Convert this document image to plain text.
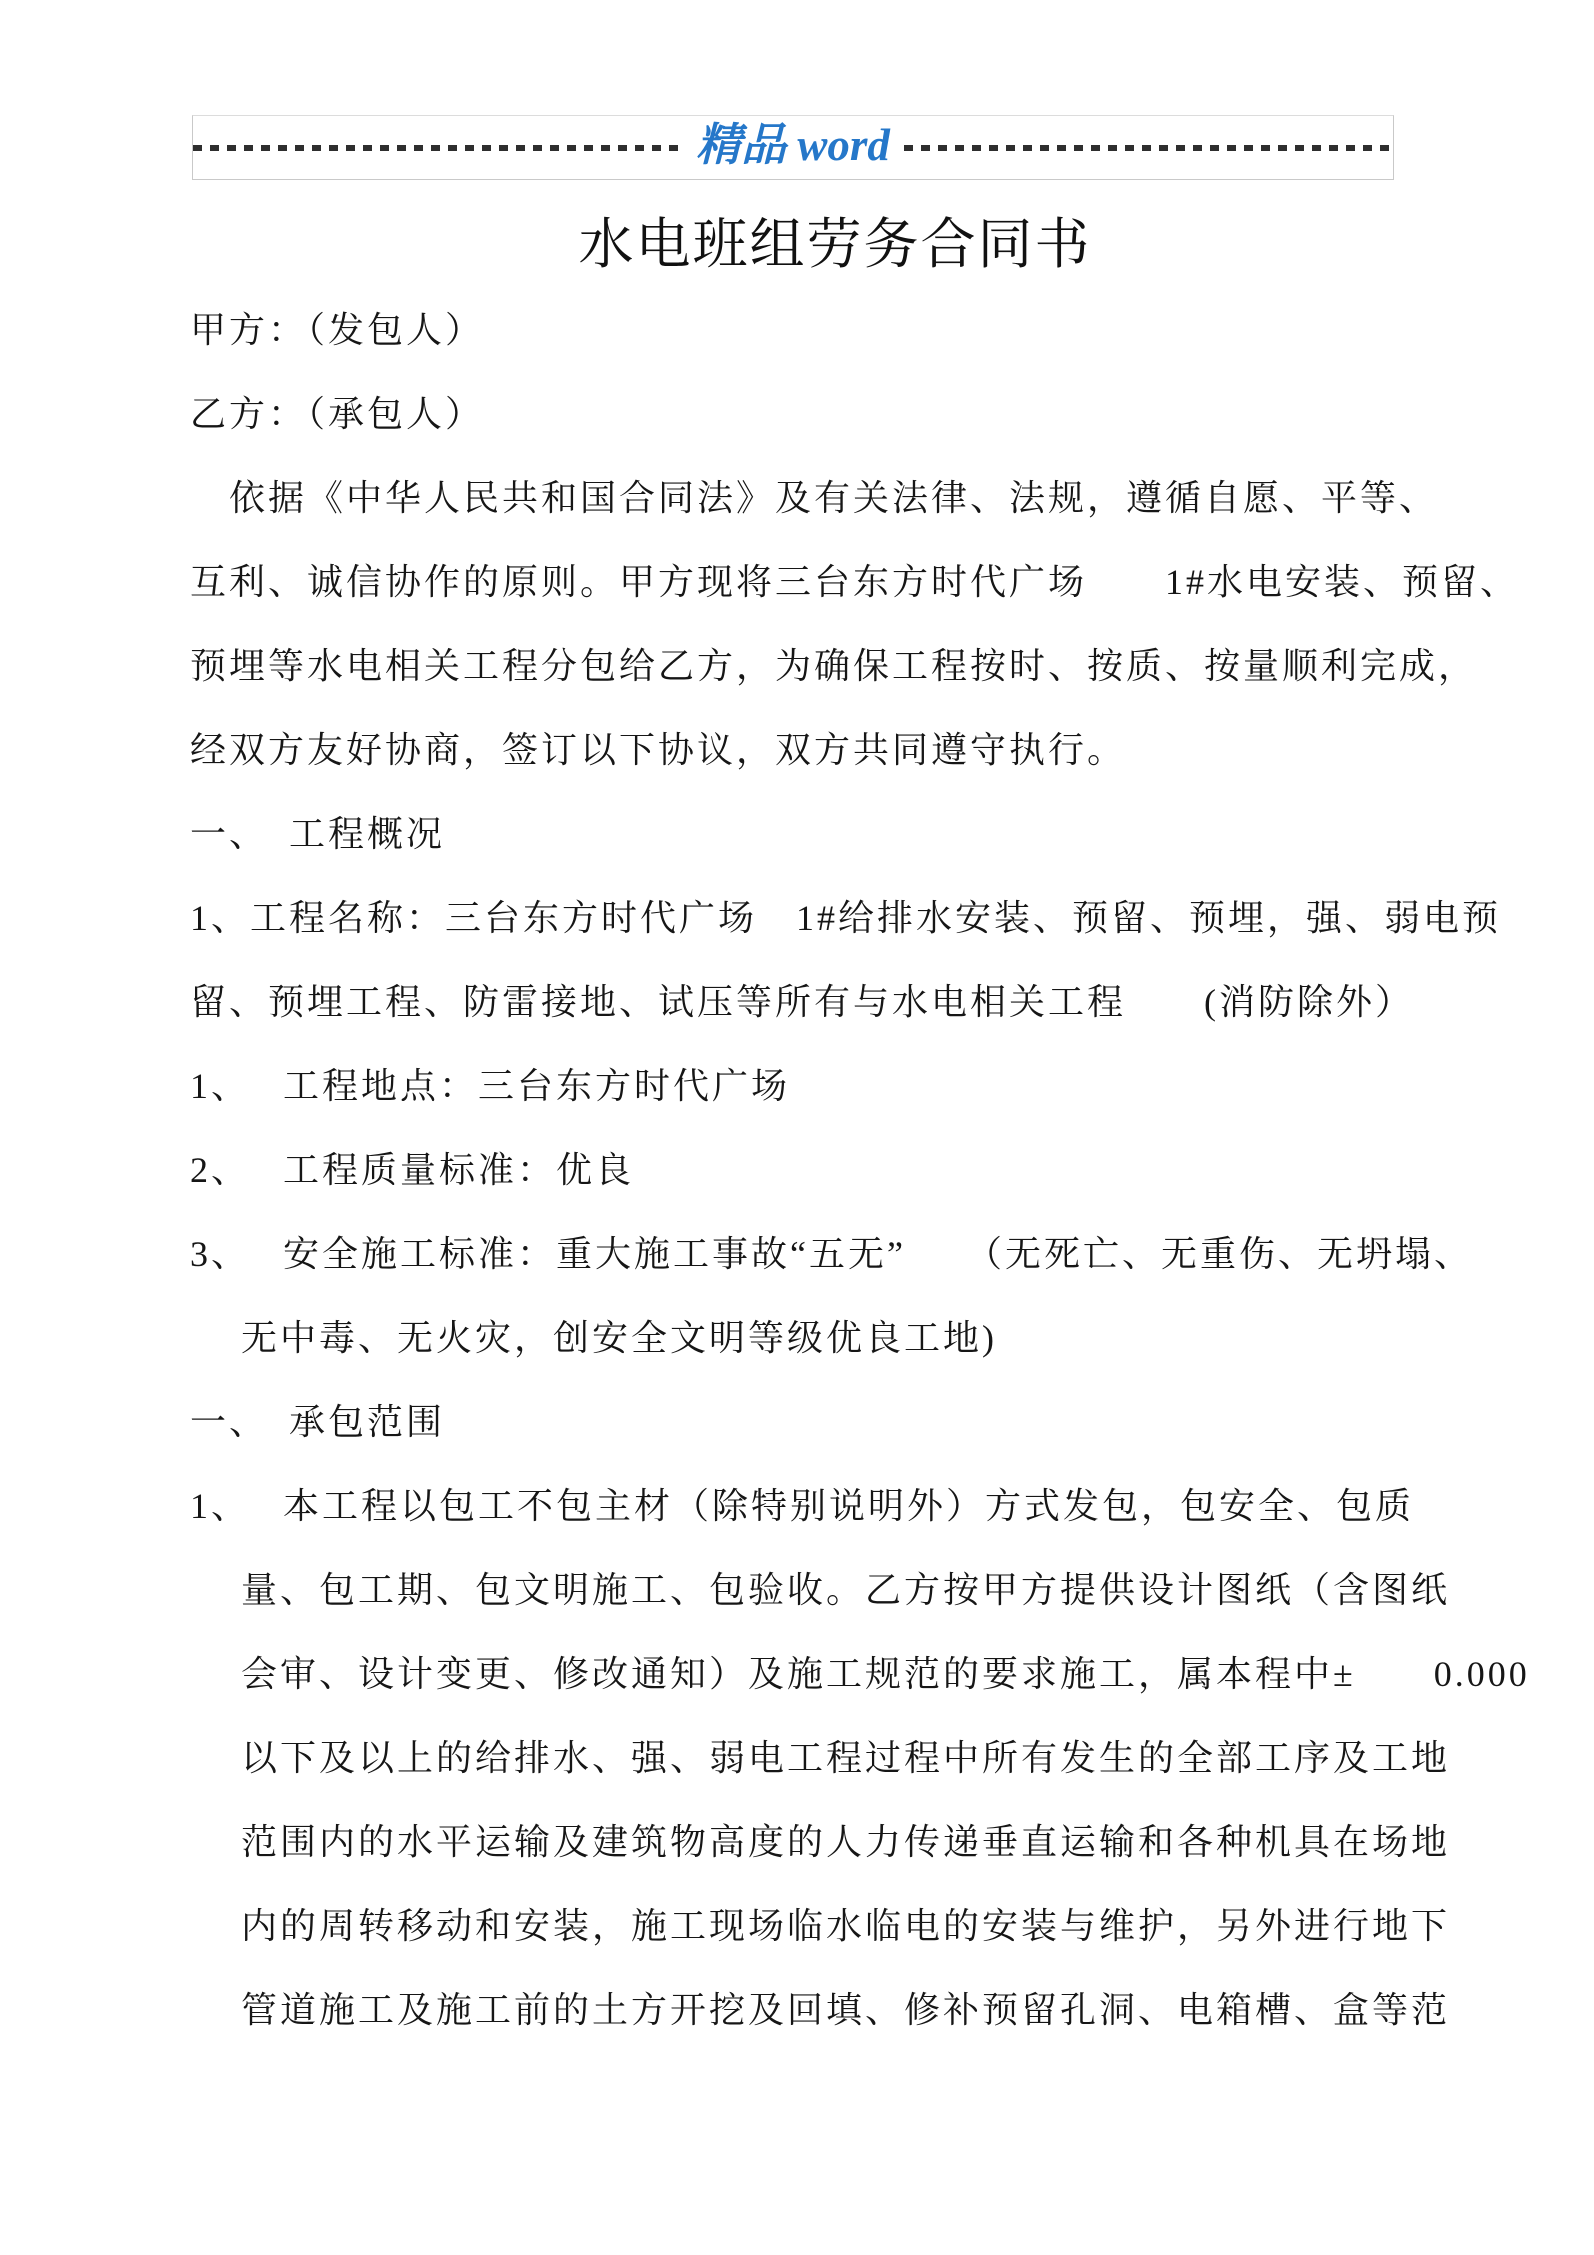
精品 word
水电班组劳务合同书
甲方：（发包人）
乙方：（承包人）
　依据《中华人民共和国合同法》及有关法律、法规，遵循自愿、平等、
互利、诚信协作的原则。甲方现将三台东方时代广场　　1#水电安装、预留、
预埋等水电相关工程分包给乙方，为确保工程按时、按质、按量顺利完成，
经双方友好协商，签订以下协议，双方共同遵守执行。
一、　工程概况
1、工程名称：三台东方时代广场　1#给排水安装、预留、预埋，强、弱电预
留、预埋工程、防雷接地、试压等所有与水电相关工程　　(消防除外）
1、　 工程地点：三台东方时代广场
2、　 工程质量标准：优良
3、　 安全施工标准：重大施工事故“五无”　　（无死亡、无重伤、无坍塌、
　 无中毒、无火灾，创安全文明等级优良工地)
一、　承包范围
1、　 本工程以包工不包主材（除特别说明外）方式发包，包安全、包质
　 量、包工期、包文明施工、包验收。乙方按甲方提供设计图纸（含图纸
　 会审、设计变更、修改通知）及施工规范的要求施工，属本程中±　　0.000
　 以下及以上的给排水、强、弱电工程过程中所有发生的全部工序及工地
　 范围内的水平运输及建筑物高度的人力传递垂直运输和各种机具在场地
　 内的周转移动和安装，施工现场临水临电的安装与维护，另外进行地下
　 管道施工及施工前的土方开挖及回填、修补预留孔洞、电箱槽、盒等范
